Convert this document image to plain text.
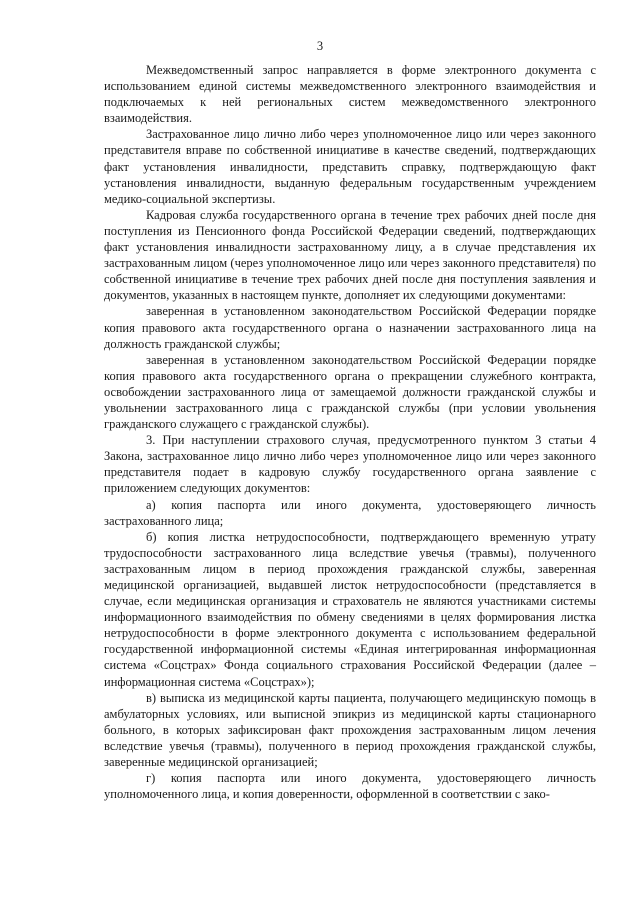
3

Межведомственный запрос направляется в форме электронного документа с использованием единой системы межведомственного электронного взаимодействия и подключаемых к ней региональных систем межведомственного электронного взаимодействия.

Застрахованное лицо лично либо через уполномоченное лицо или через законного представителя вправе по собственной инициативе в качестве сведений, подтверждающих факт установления инвалидности, представить справку, подтверждающую факт установления инвалидности, выданную федеральным государственным учреждением медико-социальной экспертизы.

Кадровая служба государственного органа в течение трех рабочих дней после дня поступления из Пенсионного фонда Российской Федерации сведений, подтверждающих факт установления инвалидности застрахованному лицу, а в случае представления их застрахованным лицом (через уполномоченное лицо или через законного представителя) по собственной инициативе в течение трех рабочих дней после дня поступления заявления и документов, указанных в настоящем пункте, дополняет их следующими документами:

заверенная в установленном законодательством Российской Федерации порядке копия правового акта государственного органа о назначении застрахованного лица на должность гражданской службы;

заверенная в установленном законодательством Российской Федерации порядке копия правового акта государственного органа о прекращении служебного контракта, освобождении застрахованного лица от замещаемой должности гражданской службы и увольнении застрахованного лица с гражданской службы (при условии увольнения гражданского служащего с гражданской службы).

3. При наступлении страхового случая, предусмотренного пунктом 3 статьи 4 Закона, застрахованное лицо лично либо через уполномоченное лицо или через законного представителя подает в кадровую службу государственного органа заявление с приложением следующих документов:

а) копия паспорта или иного документа, удостоверяющего личность застрахованного лица;

б) копия листка нетрудоспособности, подтверждающего временную утрату трудоспособности застрахованного лица вследствие увечья (травмы), полученного застрахованным лицом в период прохождения гражданской службы, заверенная медицинской организацией, выдавшей листок нетрудоспособности (представляется в случае, если медицинская организация и страхователь не являются участниками системы информационного взаимодействия по обмену сведениями в целях формирования листка нетрудоспособности в форме электронного документа с использованием федеральной государственной информационной системы «Единая интегрированная информационная система «Соцстрах» Фонда социального страхования Российской Федерации (далее – информационная система «Соцстрах»);

в) выписка из медицинской карты пациента, получающего медицинскую помощь в амбулаторных условиях, или выписной эпикриз из медицинской карты стационарного больного, в которых зафиксирован факт прохождения застрахованным лицом лечения вследствие увечья (травмы), полученного в период прохождения гражданской службы, заверенные медицинской организацией;

г) копия паспорта или иного документа, удостоверяющего личность уполномоченного лица, и копия доверенности, оформленной в соответствии с зако-
